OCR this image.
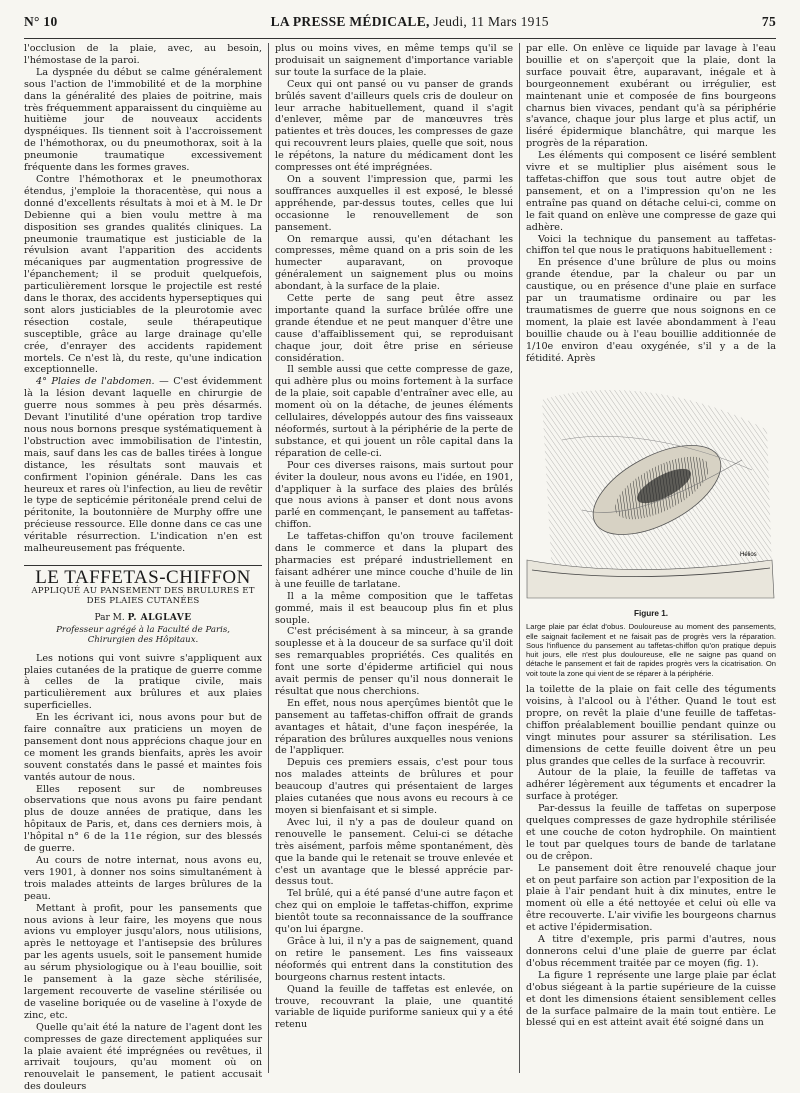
N° 10	LA PRESSE MÉDICALE, Jeudi, 11 Mars 1915	75

l'occlusion de la plaie, avec, au besoin, l'hémostase de la paroi.

La dyspnée du début se calme généralement sous l'action de l'immobilité et de la morphine dans la généralité des plaies de poitrine, mais très fréquemment apparaissent du cinquième au huitième jour de nouveaux accidents dyspnéiques. Ils tiennent soit à l'accroissement de l'hémothorax, ou du pneumothorax, soit à la pneumonie traumatique excessivement fréquente dans les formes graves.

Contre l'hémothorax et le pneumothorax étendus, j'emploie la thoracentèse, qui nous a donné d'excellents résultats à moi et à M. le Dr Debienne qui a bien voulu mettre à ma disposition ses grandes qualités cliniques. La pneumonie traumatique est justiciable de la révulsion avant l'apparition des accidents mécaniques par augmentation progressive de l'épanchement; il se produit quelquefois, particulièrement lorsque le projectile est resté dans le thorax, des accidents hyperseptiques qui sont alors justiciables de la pleurotomie avec résection costale, seule thérapeutique susceptible, grâce au large drainage qu'elle crée, d'enrayer des accidents rapidement mortels. Ce n'est là, du reste, qu'une indication exceptionnelle.

4° Plaies de l'abdomen. — C'est évidemment là la lésion devant laquelle en chirurgie de guerre nous sommes à peu près désarmés. Devant l'inutilité d'une opération trop tardive nous nous bornons presque systématiquement à l'obstruction avec immobilisation de l'intestin, mais, sauf dans les cas de balles tirées à longue distance, les résultats sont mauvais et confirment l'opinion générale. Dans les cas heureux et rares où l'infection, au lieu de revêtir le type de septicémie péritonéale prend celui de péritonite, la boutonnière de Murphy offre une précieuse ressource. Elle donne dans ce cas une véritable résurrection. L'indication n'en est malheureusement pas fréquente.

LE TAFFETAS-CHIFFON
APPLIQUÉ AU PANSEMENT DES BRULURES ET DES PLAIES CUTANÉES
Par M. P. ALGLAVE
Professeur agrégé à la Faculté de Paris,
Chirurgien des Hôpitaux.

Les notions qui vont suivre s'appliquent aux plaies cutanées de la pratique de guerre comme à celles de la pratique civile, mais particulièrement aux brûlures et aux plaies superficielles.

En les écrivant ici, nous avons pour but de faire connaître aux praticiens un moyen de pansement dont nous apprécions chaque jour en ce moment les grands bienfaits, après les avoir souvent constatés dans le passé et maintes fois vantés autour de nous.

Elles reposent sur de nombreuses observations que nous avons pu faire pendant plus de douze années de pratique, dans les hôpitaux de Paris, et, dans ces derniers mois, à l'hôpital n° 6 de la 11e région, sur des blessés de guerre.

Au cours de notre internat, nous avons eu, vers 1901, à donner nos soins simultanément à trois malades atteints de larges brûlures de la peau.

Mettant à profit, pour les pansements que nous avions à leur faire, les moyens que nous avions vu employer jusqu'alors, nous utilisions, après le nettoyage et l'antisepsie des brûlures par les agents usuels, soit le pansement humide au sérum physiologique ou à l'eau bouillie, soit le pansement à la gaze sèche stérilisée, largement recouverte de vaseline stérilisée ou de vaseline boriquée ou de vaseline à l'oxyde de zinc, etc.

Quelle qu'ait été la nature de l'agent dont les compresses de gaze directement appliquées sur la plaie avaient été imprégnées ou revêtues, il arrivait toujours, qu'au moment où on renouvelait le pansement, le patient accusait des douleurs

plus ou moins vives, en même temps qu'il se produisait un saignement d'importance variable sur toute la surface de la plaie.

Ceux qui ont pansé ou vu panser de grands brûlés savent d'ailleurs quels cris de douleur on leur arrache habituellement, quand il s'agit d'enlever, même par de manœuvres très patientes et très douces, les compresses de gaze qui recouvrent leurs plaies, quelle que soit, nous le répétons, la nature du médicament dont les compresses ont été imprégnées.

On a souvent l'impression que, parmi les souffrances auxquelles il est exposé, le blessé appréhende, par-dessus toutes, celles que lui occasionne le renouvellement de son pansement.

On remarque aussi, qu'en détachant les compresses, même quand on a pris soin de les humecter auparavant, on provoque généralement un saignement plus ou moins abondant, à la surface de la plaie.

Cette perte de sang peut être assez importante quand la surface brûlée offre une grande étendue et ne peut manquer d'être une cause d'affaiblissement qui, se reproduisant chaque jour, doit être prise en sérieuse considération.

Il semble aussi que cette compresse de gaze, qui adhère plus ou moins fortement à la surface de la plaie, soit capable d'entraîner avec elle, au moment où on la détache, de jeunes éléments cellulaires, développés autour des fins vaisseaux néoformés, surtout à la périphérie de la perte de substance, et qui jouent un rôle capital dans la réparation de celle-ci.

Pour ces diverses raisons, mais surtout pour éviter la douleur, nous avons eu l'idée, en 1901, d'appliquer à la surface des plaies des brûlés que nous avions à panser et dont nous avons parlé en commençant, le pansement au taffetas-chiffon.

Le taffetas-chiffon qu'on trouve facilement dans le commerce et dans la plupart des pharmacies est préparé industriellement en faisant adhérer une mince couche d'huile de lin à une feuille de tarlatane.

Il a la même composition que le taffetas gommé, mais il est beaucoup plus fin et plus souple.

C'est précisément à sa minceur, à sa grande souplesse et à la douceur de sa surface qu'il doit ses remarquables propriétés. Ces qualités en font une sorte d'épiderme artificiel qui nous avait permis de penser qu'il nous donnerait le résultat que nous cherchions.

En effet, nous nous aperçûmes bientôt que le pansement au taffetas-chiffon offrait de grands avantages et hâtait, d'une façon inespérée, la réparation des brûlures auxquelles nous venions de l'appliquer.

Depuis ces premiers essais, c'est pour tous nos malades atteints de brûlures et pour beaucoup d'autres qui présentaient de larges plaies cutanées que nous avons eu recours à ce moyen si bienfaisant et si simple.

Avec lui, il n'y a pas de douleur quand on renouvelle le pansement. Celui-ci se détache très aisément, parfois même spontanément, dès que la bande qui le retenait se trouve enlevée et c'est un avantage que le blessé apprécie par-dessus tout.

Tel brûlé, qui a été pansé d'une autre façon et chez qui on emploie le taffetas-chiffon, exprime bientôt toute sa reconnaissance de la souffrance qu'on lui épargne.

Grâce à lui, il n'y a pas de saignement, quand on retire le pansement. Les fins vaisseaux néoformés qui entrent dans la constitution des bourgeons charnus restent intacts.

Quand la feuille de taffetas est enlevée, on trouve, recouvrant la plaie, une quantité variable de liquide puriforme sanieux qui y a été retenu

par elle. On enlève ce liquide par lavage à l'eau bouillie et on s'aperçoit que la plaie, dont la surface pouvait être, auparavant, inégale et à bourgeonnement exubérant ou irrégulier, est maintenant unie et composée de fins bourgeons charnus bien vivaces, pendant qu'à sa périphérie s'avance, chaque jour plus large et plus actif, un liséré épidermique blanchâtre, qui marque les progrès de la réparation.

Les éléments qui composent ce liséré semblent vivre et se multiplier plus aisément sous le taffetas-chiffon que sous tout autre objet de pansement, et on a l'impression qu'on ne les entraîne pas quand on détache celui-ci, comme on le fait quand on enlève une compresse de gaze qui adhère.

Voici la technique du pansement au taffetas-chiffon tel que nous le pratiquons habituellement :

En présence d'une brûlure de plus ou moins grande étendue, par la chaleur ou par un caustique, ou en présence d'une plaie en surface par un traumatisme ordinaire ou par les traumatismes de guerre que nous soignons en ce moment, la plaie est lavée abondamment à l'eau bouillie chaude ou à l'eau bouillie additionnée de 1/10e environ d'eau oxygénée, s'il y a de la fétidité. Après

Hélios
Figure 1.
Large plaie par éclat d'obus. Douloureuse au moment des pansements, elle saignait facilement et ne faisait pas de progrès vers la réparation. Sous l'influence du pansement au taffetas-chiffon qu'on pratique depuis huit jours, elle n'est plus douloureuse, elle ne saigne pas quand on détache le pansement et fait de rapides progrès vers la cicatrisation. On voit toute la zone qui vient de se réparer à la périphérie.

la toilette de la plaie on fait celle des téguments voisins, à l'alcool ou à l'éther. Quand le tout est propre, on revêt la plaie d'une feuille de taffetas-chiffon préalablement bouillie pendant quinze ou vingt minutes pour assurer sa stérilisation. Les dimensions de cette feuille doivent être un peu plus grandes que celles de la surface à recouvrir.

Autour de la plaie, la feuille de taffetas va adhérer légèrement aux téguments et encadrer la surface à protéger.

Par-dessus la feuille de taffetas on superpose quelques compresses de gaze hydrophile stérilisée et une couche de coton hydrophile. On maintient le tout par quelques tours de bande de tarlatane ou de crêpon.

Le pansement doit être renouvelé chaque jour et on peut parfaire son action par l'exposition de la plaie à l'air pendant huit à dix minutes, entre le moment où elle a été nettoyée et celui où elle va être recouverte. L'air vivifie les bourgeons charnus et active l'épidermisation.

A titre d'exemple, pris parmi d'autres, nous donnerons celui d'une plaie de guerre par éclat d'obus récemment traitée par ce moyen (fig. 1).

La figure 1 représente une large plaie par éclat d'obus siégeant à la partie supérieure de la cuisse et dont les dimensions étaient sensiblement celles de la surface palmaire de la main tout entière. Le blessé qui en est atteint avait été soigné dans un
